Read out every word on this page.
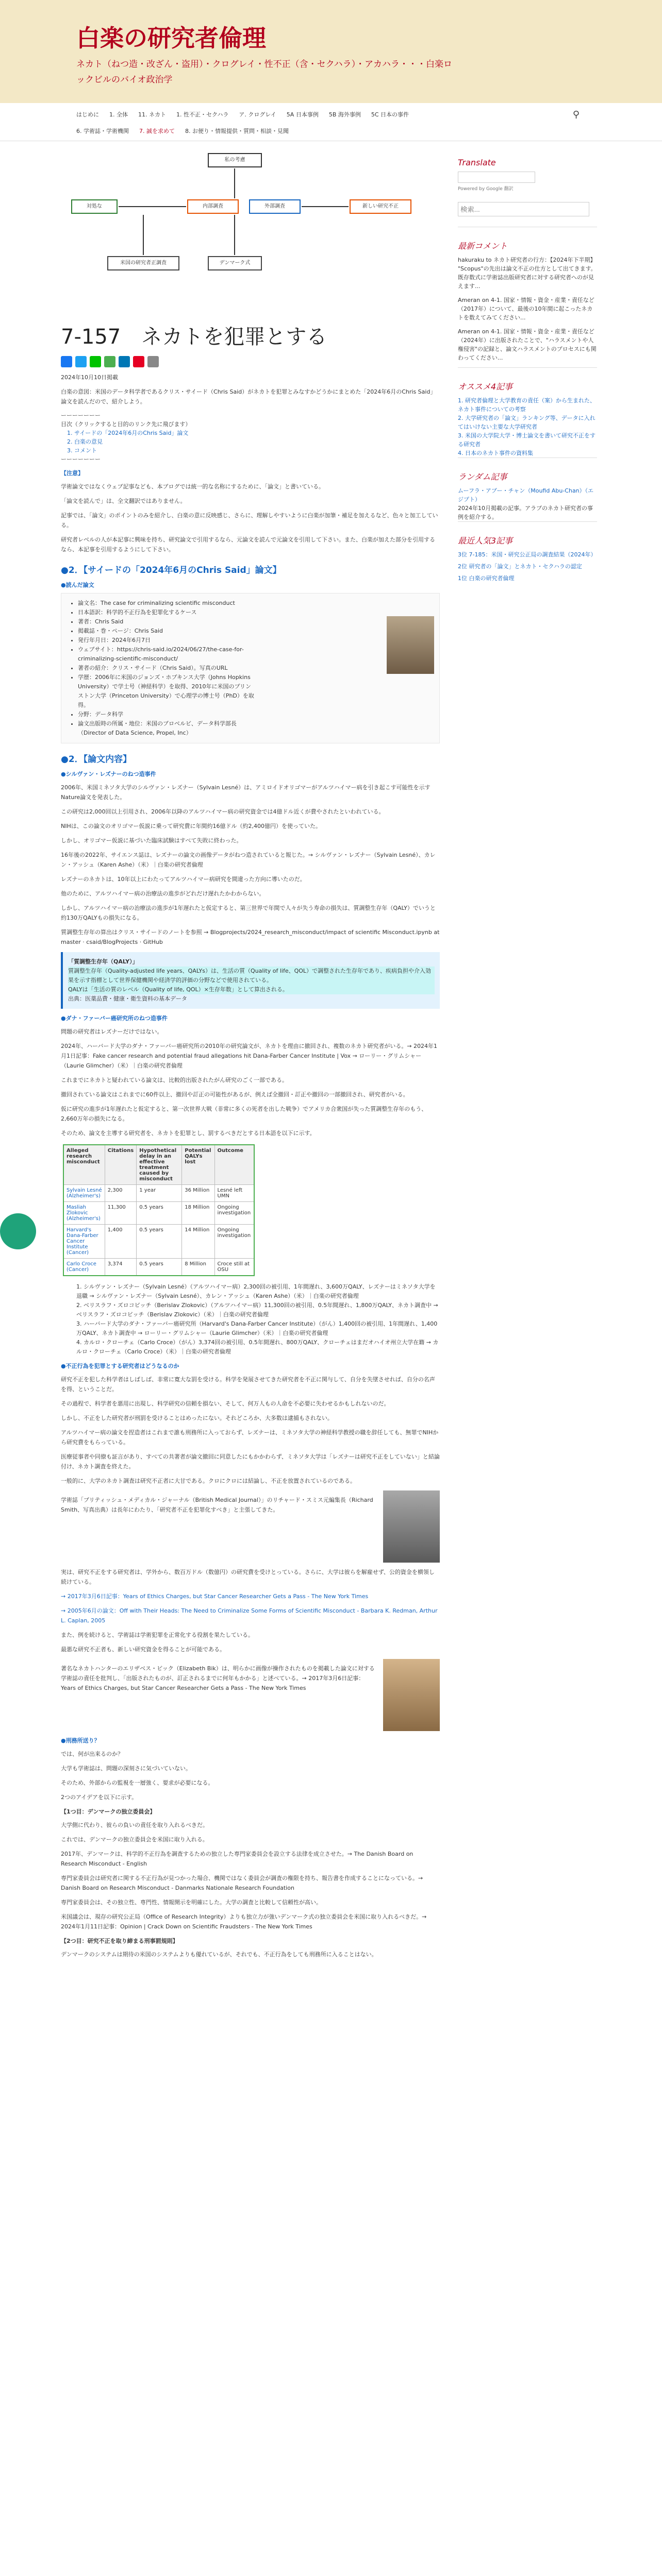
白楽の研究者倫理
ネカト（ねつ造・改ざん・盗用）・クログレイ・性不正（含・セクハラ）・アカハラ・・・白楽ロックビルのバイオ政治学
はじめに 1. 全体 11. ネカト 1. 性不正・セクハラ ア. クログレイ 5A 日本事例 5B 海外事例 5C 日本の事件
6. 学術誌・学術機関 7. 誠を求めて 8. お便り・情報提供・質問・相談・見聞
⚲
私の考慮
対処な	内部調査	外部調査	新しい研究不正
米国の研究者正調査	デンマーク式
7-157　ネカトを犯罪とする
2024年10月10日掲載
白楽の意図：米国のデータ科学者であるクリス・サイード（Chris Said）がネカトを犯罪とみなすかどうかにまとめた「2024年6月のChris Said」論文を読んだので、紹介しよう。
ーーーーーーー
目次（クリックすると目的のリンク先に飛びます）
1. サイードの「2024年6月のChris Said」論文
2. 白楽の意見
3. コメント
ーーーーーーー
【注意】
学術論文ではなくウェブ記事なども、本ブログでは統一的な名称にするために、「論文」と書いている。
「論文を読んで」は、全文翻訳ではありません。
記事では、「論文」のポイントのみを紹介し、白楽の意に反映感じ、さらに、理解しやすいように白楽が加筆・補足を加えるなど、色々と加工している。
研究者レベルの人が本記事に興味を持ち、研究論文で引用するなら、元論文を読んで元論文を引用して下さい。また、白楽が加えた部分を引用するなら、本記事を引用するようにして下さい。
●2．【サイードの「2024年6月のChris Said」論文】
●読んだ論文
• 論文名：The case for criminalizing scientific misconduct
• 日本語訳：科学的不正行為を犯罪化するケース
• 著者：Chris Said
• 掲載誌・巻・ページ：Chris Said
• 発行年月日：2024年6月7日
• ウェブサイト：https://chris-said.io/2024/06/27/the-case-for-criminalizing-scientific-misconduct/
• 著者の紹介：クリス・サイード（Chris Said）。写真のURL
• 学歴：2006年に米国のジョンズ・ホプキンス大学（Johns Hopkins University）で学士号（神経科学）を取得、2010年に米国のプリンストン大学（Princeton University）で心理学の博士号（PhD）を取得。
• 分野：データ科学
• 論文出版時の所属・地位：米国のブロベルビ、データ科学部長（Director of Data Science, Propel, Inc）
●2．【論文内容】
●シルヴァン・レズナーのねつ造事件
2006年、米国ミネソタ大学のシルヴァン・レズナー（Sylvain Lesné）は、アミロイドオリゴマーがアルツハイマー病を引き起こす可能性を示す Nature論文を発表した。
この研究は2,000回以上引用され、2006年以降のアルツハイマー病の研究資金では4億ドル近くが費やされたといわれている。
NIHは、この論文のオリゴマー仮説に乗って研究費に年間約16億ドル（約2,400億円）を使っていた。
しかし、オリゴマー仮説に基づいた臨床試験はすべて失敗に終わった。
16年後の2022年、サイエンス誌は、レズナーの論文の画像データがねつ造されていると報じた。→ シルヴァン・レズナー（Sylvain Lesné）、カレン・アッシュ（Karen Ashe）（米）｜白楽の研究者倫理
レズナーのネカトは、10年以上にわたってアルツハイマー病研究を間違った方向に導いたのだ。
他のために、アルツハイマー病の治療法の進歩がどれだけ遅れたかわからない。
しかし、アルツハイマー病の治療法の進歩が1年遅れたと仮定すると、第三世界で年間で人々が失う寿命の損失は、質調整生存年（QALY）でいうと約130万QALYもの損失になる。
質調整生存年の算出はクリス・サイードのノートを参照 → Blogprojects/2024_research_misconduct/impact of scientific Misconduct.ipynb at master · csaid/BlogProjects · GitHub
「質調整生存年（QALY）」
質調整生存年（Quality-adjusted life years、QALYs）は、生活の質（Quality of life、QOL）で調整された生存年であり、疾病負担や介入効果を示す指標として世界保健機関や経済学的評価の分野などで使用されている。
QALYは「生活の質のレベル（Quality of life, QOL）×生存年数」として算出される。
出典：医薬品費・健康・衛生資料の基本データ
●ダナ・ファーバー癌研究所のねつ造事件
問題の研究者はレズナーだけではない。
2024年、ハーバード大学のダナ・ファーバー癌研究所の2010年の研究論文が、ネカトを理由に撤回され、複数のネカト研究者がいる。→ 2024年1月1日記事：Fake cancer research and potential fraud allegations hit Dana-Farber Cancer Institute | Vox → ローリー・グリムシャー（Laurie Glimcher）（米）｜白楽の研究者倫理
これまでにネカトと疑われている論文は、比較的出版されたがん研究のごく一部である。
撤回されている論文はこれまでに60件以上、撤回や訂正の可能性があるが、例えば全撤回・訂正や撤回の一部撤回され、研究者がいる。
仮に研究の進歩が1年遅れたと仮定すると、第一次世界大戦（非常に多くの死者を出した戦争）でアメリカ合衆国が失った質調整生存年のもう、2,660万年の損失になる。
そのため、論文を主導する研究者を、ネカトを犯罪とし、罰するべきだとする日本語を以下に示す。
Alleged research misconduct	Citations	Hypothetical delay in an effective treatment caused by misconduct	Potential QALYs lost	Outcome
Sylvain Lesné (Alzheimer's)	2,300	1 year	36 Million	Lesné left UMN
Masliah Zlokovic (Alzheimer's)	11,300	0.5 years	18 Million	Ongoing investigation
Harvard's Dana-Farber Cancer Institute (Cancer)	1,400	0.5 years	14 Million	Ongoing investigation
Carlo Croce (Cancer)	3,374	0.5 years	8 Million	Croce still at OSU
1. シルヴァン・レズナー（Sylvain Lesné）（アルツハイマー病）2,300回の被引用、1年間遅れ、3,600万QALY、レズナーはミネソタ大学を退職 → シルヴァン・レズナー（Sylvain Lesné）、カレン・アッシュ（Karen Ashe）（米）｜白楽の研究者倫理
2. ベリスラフ・ズロコビッチ（Berislav Zlokovic）（アルツハイマー病）11,300回の被引用、0.5年間遅れ、1,800万QALY、ネカト調査中 → ベリスラフ・ズロコビッチ（Berislav Zlokovic）（米）｜白楽の研究者倫理
3. ハーバード大学のダナ・ファーバー癌研究所（Harvard's Dana-Farber Cancer Institute）（がん）1,400回の被引用、1年間遅れ、1,400万QALY、ネカト調査中 → ローリー・グリムシャー（Laurie Glimcher）（米）｜白楽の研究者倫理
4. カルロ・クローチェ（Carlo Croce）（がん）3,374回の被引用、0.5年間遅れ、800万QALY、クローチェはまだオハイオ州立大学在籍 → カルロ・クローチェ（Carlo Croce）（米）｜白楽の研究者倫理
●不正行為を犯罪とする研究者はどうなるのか
研究不正を犯した科学者はしばしば、非常に寛大な罰を受ける。科学を発展させてきた研究者を不正に関与して、自分を失墜させれば、自分の名声を得、ということだ。
その過程で、科学者を悪用に出現し、科学研究の信頼を損ない、そして、何万人もの人命を不必要に失わせるかもしれないのだ。
しかし、不正をした研究者が刑罰を受けることはめったにない。それどころか、大多数は逮捕もされない。
アルツハイマー病の論文を捏造者はこれまで誰も刑務所に入っておらず、レズナーは、ミネソタ大学の神経科学教授の職を辞任しても、無罪でNIHから研究費をもらっている。
医療従事者や同僚も証言があり、すべての共著者が論文撤回に同意したにもかかわらず、ミネソタ大学は「レズナーは研究不正をしていない」と結論付け、ネカト調査を終えた。
一般的に、大学のネカト調査は研究不正者に大甘である。クロにクロには結論し、不正を放置されているのである。
学術誌「ブリティッシュ・メディカル・ジャーナル（British Medical Journal）」のリチャード・スミス元編集長（Richard Smith、写真出典）は長年にわたり、「研究者不正を犯罪化すべき」と主張してきた。
実は、研究不正をする研究者は、学外から、数百万ドル（数億円）の研究費を受けとっている。さらに、大学は彼らを解雇せず、公的資金を横領し続けている。
→ 2017年3月6日記事：Years of Ethics Charges, but Star Cancer Researcher Gets a Pass - The New York Times
→ 2005年6月の論文：Off with Their Heads: The Need to Criminalize Some Forms of Scientific Misconduct - Barbara K. Redman, Arthur L. Caplan, 2005
また、例を続けると、学術誌は学術犯罪を正常化する役割を果たしている。
最悪な研究不正者も、新しい研究資金を得ることが可能である。
著名なネカトハンターのエリザベス・ビック（Elizabeth Bik）は、明らかに画像が操作されたものを掲載した論文に対する学術誌の責任を批判し、「出版されたものが、訂正されるまでに何年もかかる」と述べている。→ 2017年3月6日記事：Years of Ethics Charges, but Star Cancer Researcher Gets a Pass - The New York Times
●刑務所送り？
では、何が出来るのか？
大学も学術誌は、問題の深刻さに気づいていない。
そのため、外部からの監視を一層強く、要求が必要になる。
2つのアイデアを以下に示す。
【1つ目：デンマークの独立委員会】
大学側に代わり、彼らの負いの責任を取り入れるべきだ。
これでは、デンマークの独立委員会を米国に取り入れる。
2017年、デンマークは、科学的不正行為を調査するための独立した専門家委員会を設立する法律を成立させた。→ The Danish Board on Research Misconduct - English
専門家委員会は研究者に関する不正行為が見つかった場合、機関ではなく委員会が調査の権限を持ち、報告書を作成することになっている。→ Danish Board on Research Misconduct - Danmarks Nationale Research Foundation
専門家委員会は、その独立性、専門性、情報開示を明確にした。大学の調査と比較して信頼性が高い。
米国議会は、現存の研究公正局（Office of Research Integrity）よりも独立力が強いデンマーク式の独立委員会を米国に取り入れるべきだ。→ 2024年1月11日記事：Opinion | Crack Down on Scientific Fraudsters - The New York Times
【2つ目：研究不正を取り締まる刑事罰規則】
デンマークのシステムは期待の米国のシステムよりも優れているが、それでも、不正行為をしても刑務所に入ることはない。
Translate
Powered by Google 翻訳
検索...
最新コメント
hakuraku to ネカト研究者の行方：【2024年下半期】 "Scopus"の先出は論文不正の仕方として出てきます。既存数式に学術誌出版研究者に対する研究者へのが見えます...
Ameran on 4-1. 国家・情報・資金・産業・責任など（2017年）について、最後の10年間に起こったネカトを数えてみてください...
Ameran on 4-1. 国家・情報・資金・産業・責任など（2024年）に出版されたことで、"ハラスメントや人権侵害"の記録と、論文ハラスメントのプロセスにも関わってください...
オススメ4記事
1. 研究者倫理と大学教育の責任（案）から生まれた、ネカト事件についての考察
2. 大学研究者の「論文」ランキング等、データに入れてはいけない主要な大学研究者
3. 米国の大学院大学・博士論文を書いて研究不正をする研究者
4. 日本のネカト事件の資料集
ランダム記事
ムーフラ・アブー・チャン（Moufid Abu-Chan）（エジプト）
2024年10月掲載の記事。アラブのネカト研究者の事例を紹介する。
最近人気3記事
3位 7-185：米国・研究公正局の調査結果（2024年）
2位 研究者の「論文」とネカト・セクハラの認定
1位 白楽の研究者倫理
